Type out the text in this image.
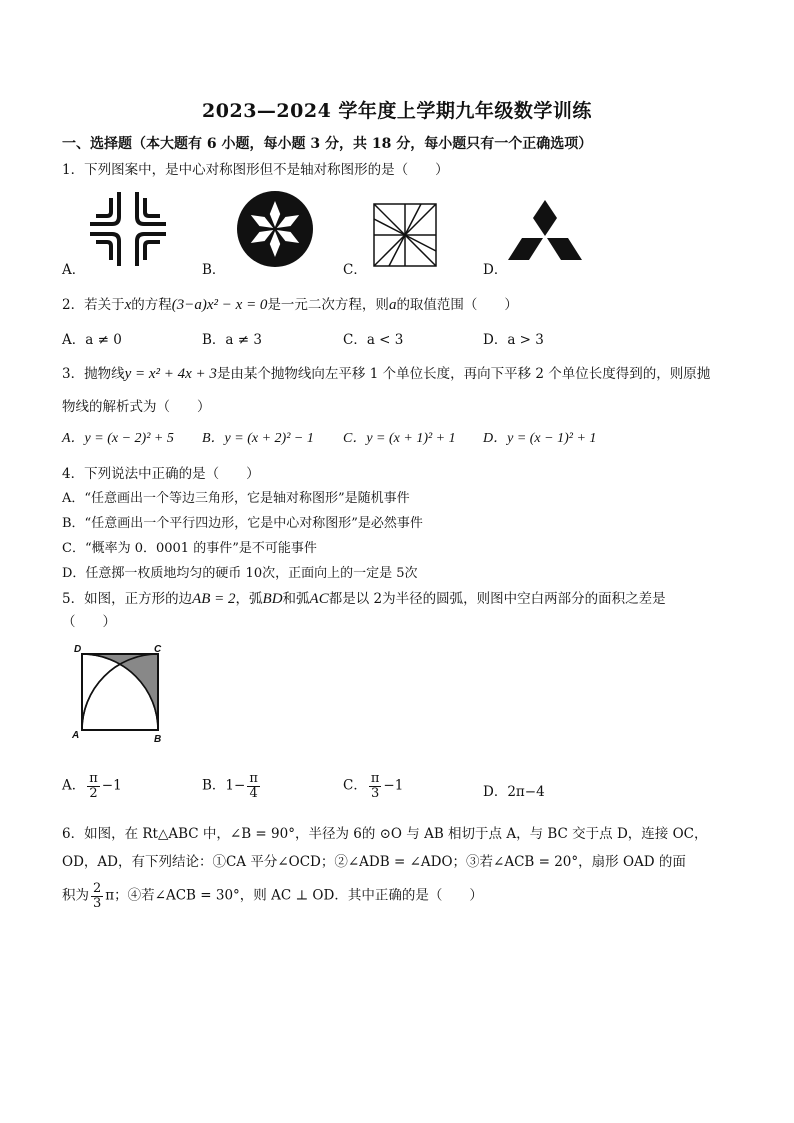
2023—2024 学年度上学期九年级数学训练
一、选择题（本大题有 6 小题，每小题 3 分，共 18 分，每小题只有一个正确选项）
1．下列图案中，是中心对称图形但不是轴对称图形的是（　　）
A．	B．	C．	D．
2．若关于x的方程(3−a)x² − x = 0是一元二次方程，则a的取值范围（　　）
A．a ≠ 0	B．a ≠ 3	C．a < 3	D．a > 3
3．抛物线y = x² + 4x + 3是由某个抛物线向左平移 1 个单位长度，再向下平移 2 个单位长度得到的，则原抛
物线的解析式为（　　）
A．y = (x − 2)² + 5 B．y = (x + 2)² − 1 C．y = (x + 1)² + 1 D．y = (x − 1)² + 1
4．下列说法中正确的是（　　）
A．“任意画出一个等边三角形，它是轴对称图形”是随机事件
B．“任意画出一个平行四边形，它是中心对称图形”是必然事件
C．“概率为 0．0001 的事件”是不可能事件
D．任意掷一枚质地均匀的硬币 10次，正面向上的一定是 5次
5．如图，正方形的边AB = 2，弧BD和弧AC都是以 2为半径的圆弧，则图中空白两部分的面积之差是
（　　）
D	C
A	B
A． $\frac{\pi}{2} -1$	B．$1- \frac{\pi}{4}$	C． $\frac{\pi}{3} -1$	D．2π−4
6．如图，在 Rt△ABC 中，∠B = 90°，半径为 6的 ⊙O 与 AB 相切于点 A，与 BC 交于点 D，连接 OC，
OD，AD，有下列结论：①CA 平分∠OCD；②∠ADB = ∠ADO；③若∠ACB = 20°，扇形 OAD 的面
积为 $\frac{2}{3}$ π；④若∠ACB = 30°，则 AC ⊥ OD．其中正确的是（　　）
